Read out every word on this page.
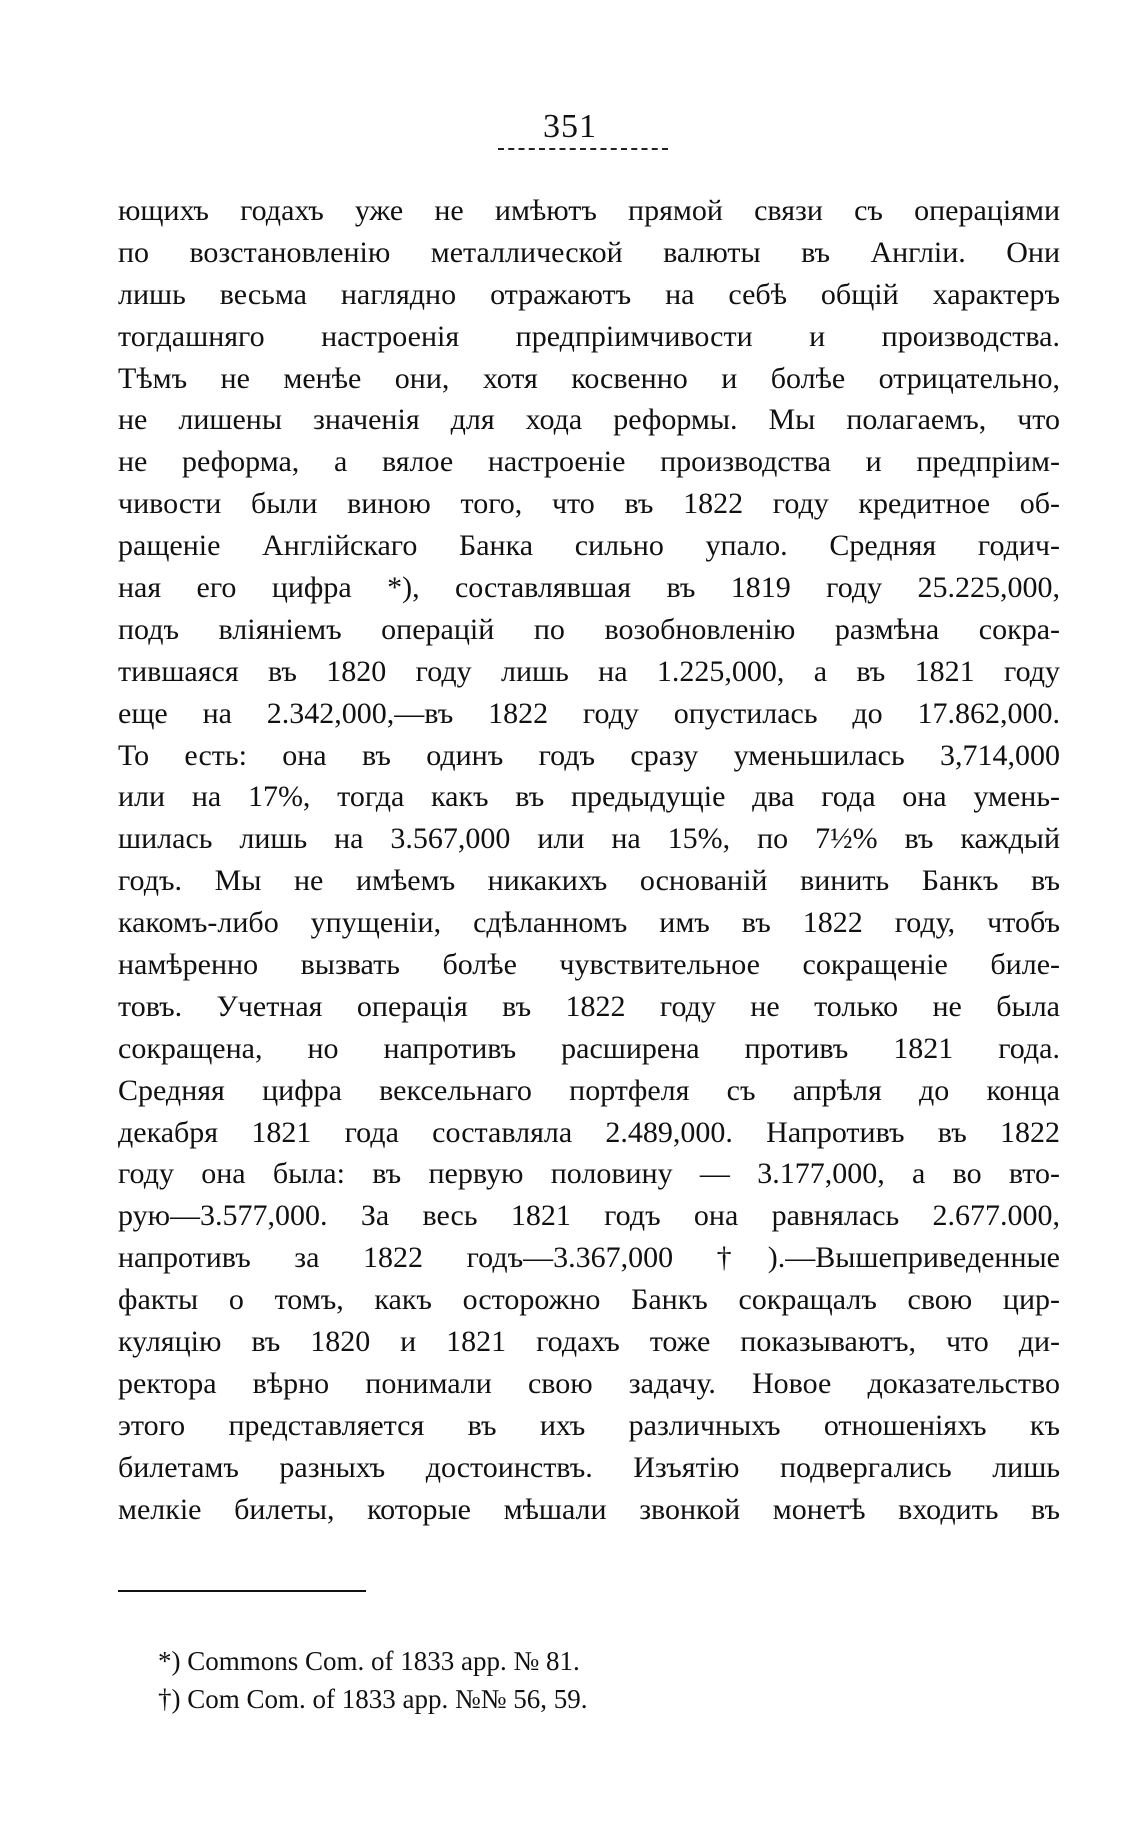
351
ющихъ годахъ уже не имѣютъ прямой связи съ операціями
по возстановленію металлической валюты въ Англіи. Они
лишь весьма наглядно отражаютъ на себѣ общій характеръ
тогдашняго настроенія предпріимчивости и производства.
Тѣмъ не менѣе они, хотя косвенно и болѣе отрицательно,
не лишены значенія для хода реформы. Мы полагаемъ, что
не реформа, а вялое настроеніе производства и предпріим-
чивости были виною того, что въ 1822 году кредитное об-
ращеніе Англійскаго Банка сильно упало. Средняя годич-
ная его цифра *), составлявшая въ 1819 году 25.225,000,
подъ вліяніемъ операцій по возобновленію размѣна сокра-
тившаяся въ 1820 году лишь на 1.225,000, а въ 1821 году
еще на 2.342,000,—въ 1822 году опустилась до 17.862,000.
То есть: она въ одинъ годъ сразу уменьшилась 3,714,000
или на 17%, тогда какъ въ предыдущіе два года она умень-
шилась лишь на 3.567,000 или на 15%, по 7½% въ каждый
годъ. Мы не имѣемъ никакихъ основаній винить Банкъ въ
какомъ-либо упущеніи, сдѣланномъ имъ въ 1822 году, чтобъ
намѣренно вызвать болѣе чувствительное сокращеніе биле-
товъ. Учетная операція въ 1822 году не только не была
сокращена, но напротивъ расширена противъ 1821 года.
Средняя цифра вексельнаго портфеля съ апрѣля до конца
декабря 1821 года составляла 2.489,000. Напротивъ въ 1822
году она была: въ первую половину — 3.177,000, а во вто-
рую—3.577,000. За весь 1821 годъ она равнялась 2.677.000,
напротивъ за 1822 годъ—3.367,000 †).—Вышеприведенные
факты о томъ, какъ осторожно Банкъ сокращалъ свою цир-
куляцію въ 1820 и 1821 годахъ тоже показываютъ, что ди-
ректора вѣрно понимали свою задачу. Новое доказательство
этого представляется въ ихъ различныхъ отношеніяхъ къ
билетамъ разныхъ достоинствъ. Изъятію подвергались лишь
мелкіе билеты, которые мѣшали звонкой монетѣ входить въ
*) Commons Com. of 1833 app. № 81.
†) Com Com. of 1833 app. №№ 56, 59.
